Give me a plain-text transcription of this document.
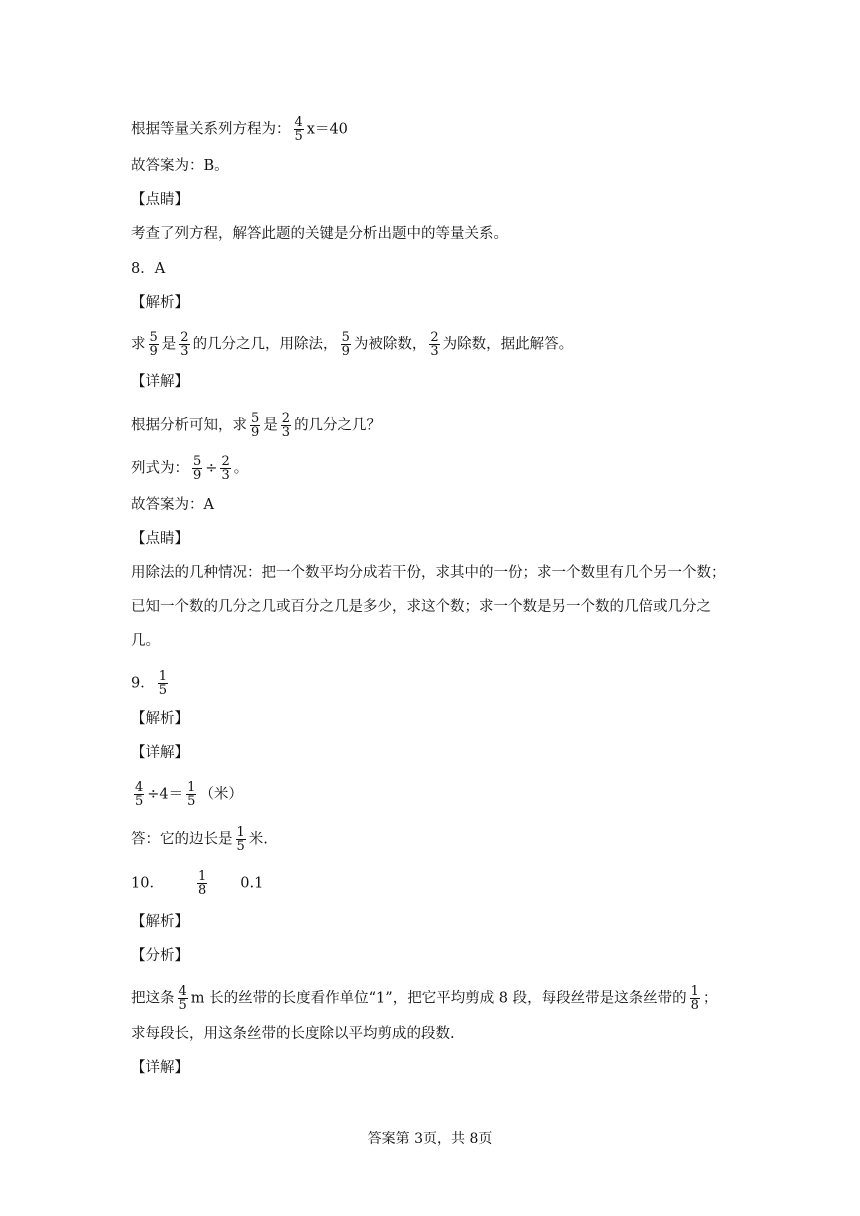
根据等量关系列方程为： $\frac{4}{5} x=40$
故答案为：B。
【点睛】
考查了列方程，解答此题的关键是分析出题中的等量关系。
8．A
【解析】
求 $\frac{5}{9}$ 是 $\frac{2}{3}$ 的几分之几，用除法， $\frac{5}{9}$ 为被除数， $\frac{2}{3}$ 为除数，据此解答。
【详解】
根据分析可知，求 $\frac{5}{9}$ 是 $\frac{2}{3}$ 的几分之几？
列式为： $\frac{5}{9} \div \frac{2}{3}$ 。
故答案为：A
【点睛】
用除法的几种情况：把一个数平均分成若干份，求其中的一份；求一个数里有几个另一个数；
已知一个数的几分之几或百分之几是多少，求这个数；求一个数是另一个数的几倍或几分之
几。
9． $\frac{1}{5}$
【解析】
【详解】
$\frac{4}{5} \div 4= \frac{1}{5}$ （米）
答：它的边长是 $\frac{1}{5}$ 米.
10．	$\frac{1}{8} 0.1$
【解析】
【分析】
把这条 $\frac{4}{5}$ m 长的丝带的长度看作单位“1”，把它平均剪成 8 段，每段丝带是这条丝带的 $\frac{1}{8}$ ；
求每段长，用这条丝带的长度除以平均剪成的段数.
【详解】
答案第 3页，共 8页
